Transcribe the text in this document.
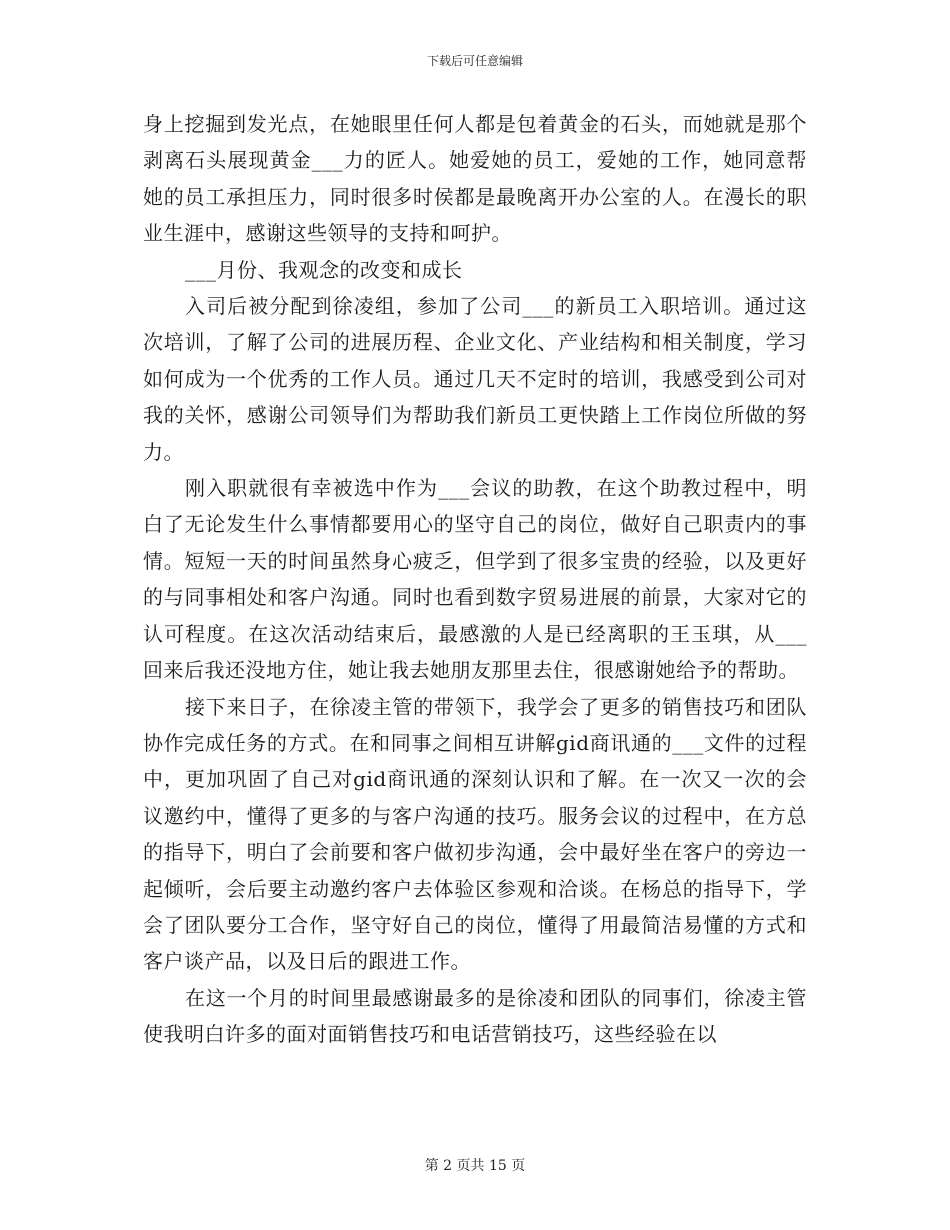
下载后可任意编辑

身上挖掘到发光点，在她眼里任何人都是包着黄金的石头，而她就是那个剥离石头展现黄金___力的匠人。她爱她的员工，爱她的工作，她同意帮她的员工承担压力，同时很多时侯都是最晚离开办公室的人。在漫长的职业生涯中，感谢这些领导的支持和呵护。

___月份、我观念的改变和成长

入司后被分配到徐凌组，参加了公司___的新员工入职培训。通过这次培训，了解了公司的进展历程、企业文化、产业结构和相关制度，学习如何成为一个优秀的工作人员。通过几天不定时的培训，我感受到公司对我的关怀，感谢公司领导们为帮助我们新员工更快踏上工作岗位所做的努力。

刚入职就很有幸被选中作为___会议的助教，在这个助教过程中，明白了无论发生什么事情都要用心的坚守自己的岗位，做好自己职责内的事情。短短一天的时间虽然身心疲乏，但学到了很多宝贵的经验，以及更好的与同事相处和客户沟通。同时也看到数字贸易进展的前景，大家对它的认可程度。在这次活动结束后，最感激的人是已经离职的王玉琪，从___回来后我还没地方住，她让我去她朋友那里去住，很感谢她给予的帮助。

接下来日子，在徐凌主管的带领下，我学会了更多的销售技巧和团队协作完成任务的方式。在和同事之间相互讲解gid商讯通的___文件的过程中，更加巩固了自己对gid商讯通的深刻认识和了解。在一次又一次的会议邀约中，懂得了更多的与客户沟通的技巧。服务会议的过程中，在方总的指导下，明白了会前要和客户做初步沟通，会中最好坐在客户的旁边一起倾听，会后要主动邀约客户去体验区参观和洽谈。在杨总的指导下，学会了团队要分工合作，坚守好自己的岗位，懂得了用最简洁易懂的方式和客户谈产品，以及日后的跟进工作。

在这一个月的时间里最感谢最多的是徐凌和团队的同事们，徐凌主管使我明白许多的面对面销售技巧和电话营销技巧，这些经验在以

第 2 页共 15 页
